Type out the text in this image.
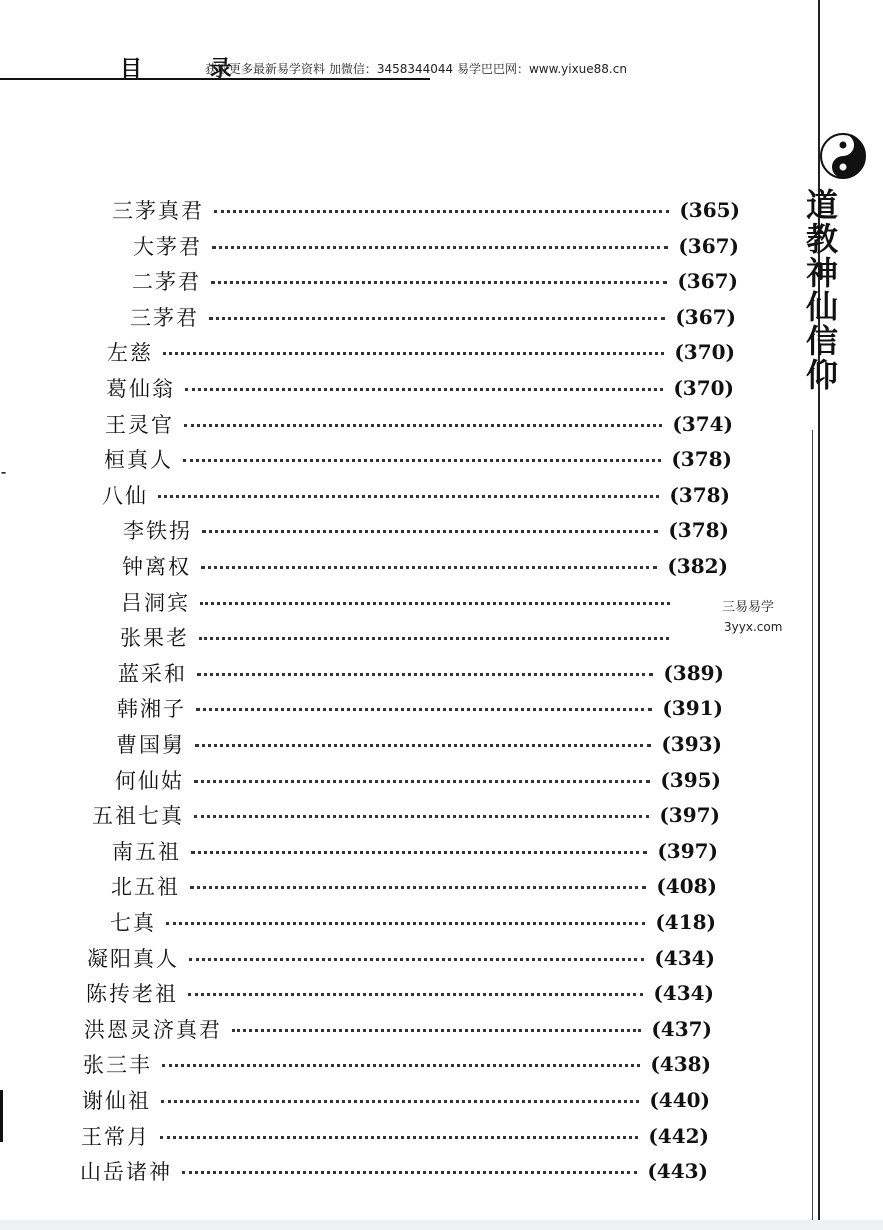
目 录
获取更多最新易学资料 加微信：3458344044 易学巴巴网：www.yixue88.cn
道教神仙信仰
⁃
三茅真君	(365)
大茅君	(367)
二茅君	(367)
三茅君	(367)
左慈	(370)
葛仙翁	(370)
王灵官	(374)
桓真人	(378)
八仙	(378)
李铁拐	(378)
钟离权	(382)
吕洞宾
张果老
蓝采和	(389)
韩湘子	(391)
曹国舅	(393)
何仙姑	(395)
五祖七真	(397)
南五祖	(397)
北五祖	(408)
七真	(418)
凝阳真人	(434)
陈抟老祖	(434)
洪恩灵济真君	(437)
张三丰	(438)
谢仙祖	(440)
王常月	(442)
山岳诸神	(443)
三易易学
3yyx.com
